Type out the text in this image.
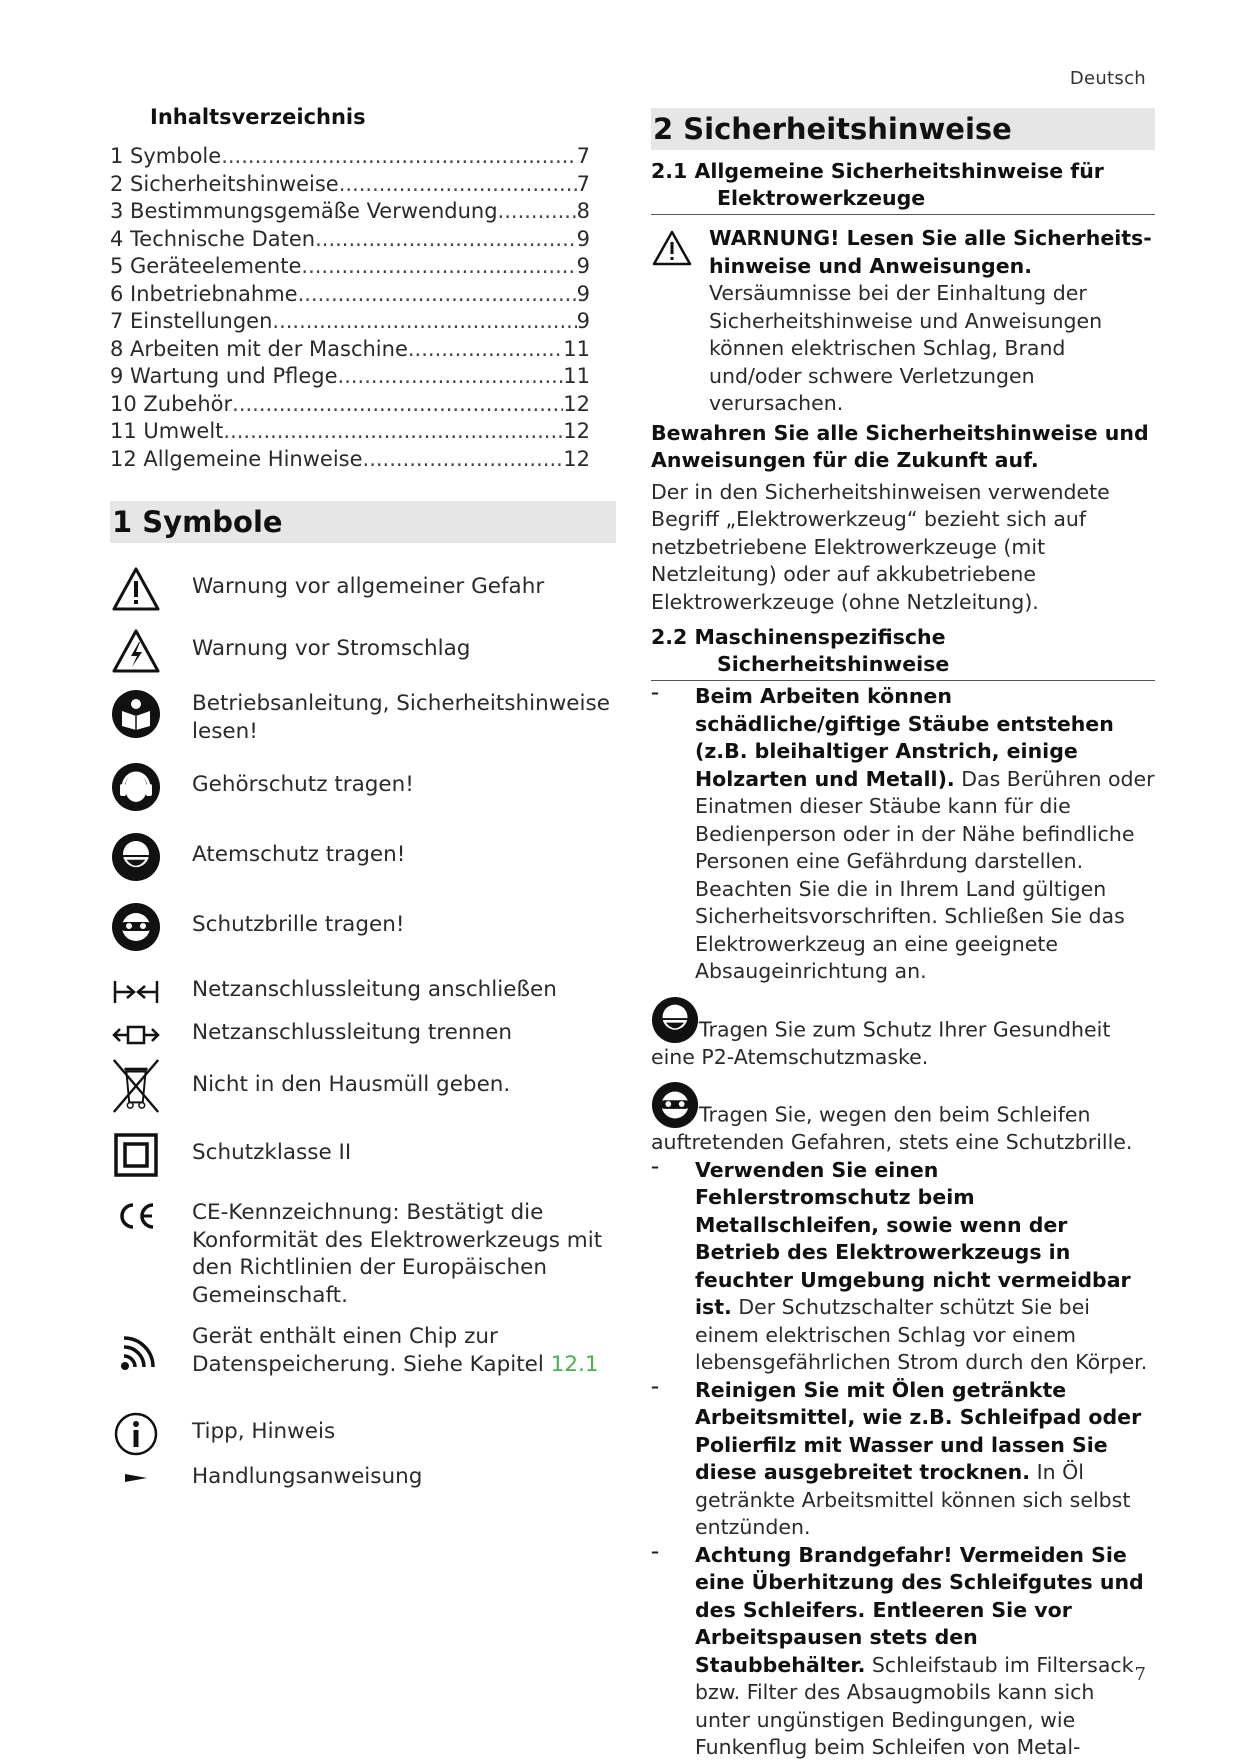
Deutsch
Inhaltsverzeichnis
1 Symbole .....	7
2 Sicherheitshinweise .....	7
3 Bestimmungsgemäße Verwendung .....	8
4 Technische Daten .....	9
5 Geräteelemente .....	9
6 Inbetriebnahme .....	9
7 Einstellungen .....	9
8 Arbeiten mit der Maschine .....	11
9 Wartung und Pflege .....	11
10 Zubehör .....	12
11 Umwelt .....	12
12 Allgemeine Hinweise .....	12
1 Symbole
Warnung vor allgemeiner Gefahr
Warnung vor Stromschlag
Betriebsanleitung, Sicherheitshinweise lesen!
Gehörschutz tragen!
Atemschutz tragen!
Schutzbrille tragen!
Netzanschlussleitung anschließen
Netzanschlussleitung trennen
Nicht in den Hausmüll geben.
Schutzklasse II
CE-Kennzeichnung: Bestätigt die Konformität des Elektrowerkzeugs mit den Richtlinien der Europäischen Gemeinschaft.
Gerät enthält einen Chip zur Datenspeicherung. Siehe Kapitel 12.1
Tipp, Hinweis
Handlungsanweisung
2 Sicherheitshinweise
2.1 Allgemeine Sicherheitshinweise für
Elektrowerkzeuge

WARNUNG! Lesen Sie alle Sicherheitshinweise und Anweisungen. Versäumnisse bei der Einhaltung der Sicherheitshinweise und Anweisungen können elektrischen Schlag, Brand und/oder schwere Verletzungen verursachen.

Bewahren Sie alle Sicherheitshinweise und Anweisungen für die Zukunft auf.

Der in den Sicherheitshinweisen verwendete Begriff „Elektrowerkzeug“ bezieht sich auf netzbetriebene Elektrowerkzeuge (mit Netzleitung) oder auf akkubetriebene Elektrowerkzeuge (ohne Netzleitung).

2.2 Maschinenspezifische
Sicherheitshinweise
– Beim Arbeiten können schädliche/giftige Stäube entstehen (z.B. bleihaltiger Anstrich, einige Holzarten und Metall). Das Berühren oder Einatmen dieser Stäube kann für die Bedienperson oder in der Nähe befindliche Personen eine Gefährdung darstellen. Beachten Sie die in Ihrem Land gültigen Sicherheitsvorschriften. Schließen Sie das Elektrowerkzeug an eine geeignete Absaugeinrichtung an.

Tragen Sie zum Schutz Ihrer Gesundheit eine P2-Atemschutzmaske.

Tragen Sie, wegen den beim Schleifen auftretenden Gefahren, stets eine Schutzbrille.

– Verwenden Sie einen Fehlerstromschutz beim Metallschleifen, sowie wenn der Betrieb des Elektrowerkzeugs in feuchter Umgebung nicht vermeidbar ist. Der Schutzschalter schützt Sie bei einem elektrischen Schlag vor einem lebensgefährlichen Strom durch den Körper.

– Reinigen Sie mit Ölen getränkte Arbeitsmittel, wie z.B. Schleifpad oder Polierfilz mit Wasser und lassen Sie diese ausgebreitet trocknen. In Öl getränkte Arbeitsmittel können sich selbst entzünden.

– Achtung Brandgefahr! Vermeiden Sie eine Überhitzung des Schleifgutes und des Schleifers. Entleeren Sie vor Arbeitspausen stets den Staubbehälter. Schleifstaub im Filtersack bzw. Filter des Absaugmobils kann sich unter ungünstigen Bedingungen, wie Funkenflug beim Schleifen von Metal-

7
